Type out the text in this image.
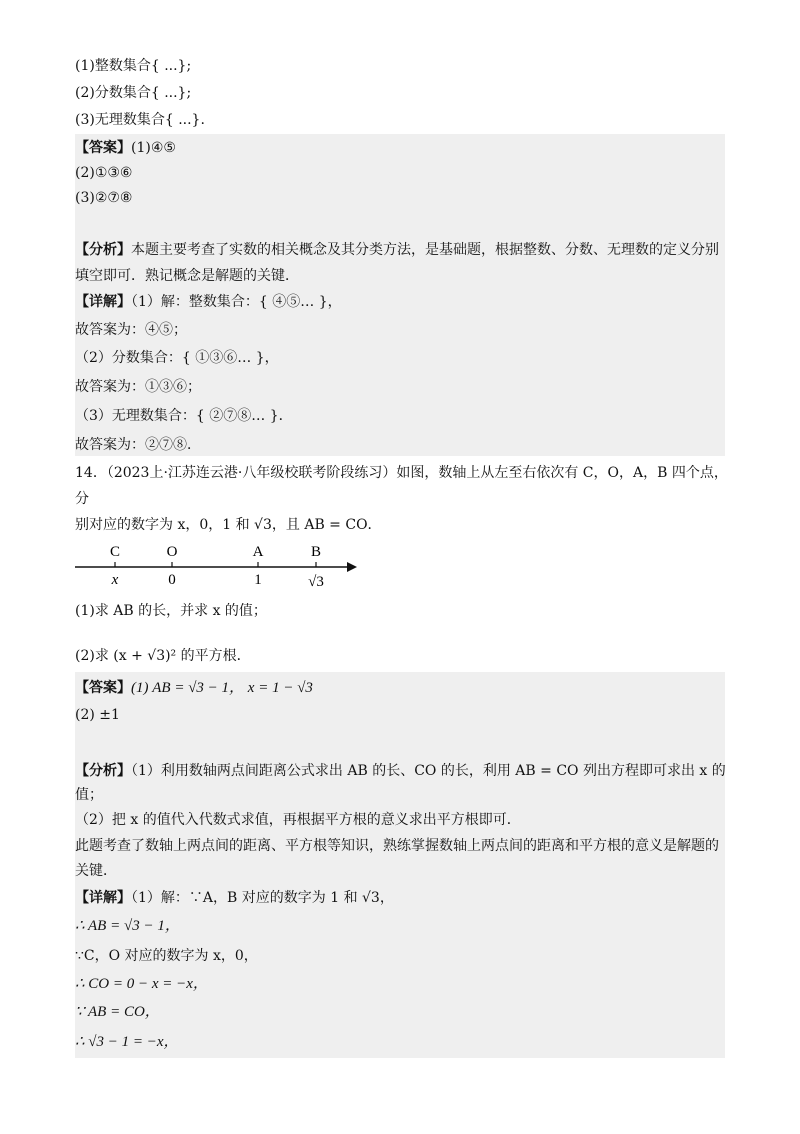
(1)整数集合{ ...};
(2)分数集合{ ...};
(3)无理数集合{ ...}.
【答案】(1)④⑤
(2)①③⑥
(3)②⑦⑧
【分析】本题主要考查了实数的相关概念及其分类方法，是基础题，根据整数、分数、无理数的定义分别
填空即可．熟记概念是解题的关键．
【详解】（1）解：整数集合：{ ④⑤… }，
故答案为：④⑤；
（2）分数集合：{ ①③⑥… }，
故答案为：①③⑥；
（3）无理数集合：{ ②⑦⑧… }．
故答案为：②⑦⑧．
14．（2023上·江苏连云港·八年级校联考阶段练习）如图，数轴上从左至右依次有 C，O，A，B 四个点，
分
别对应的数字为 x，0，1 和 √3，且 AB = CO．
C	O	A	B
x	0	1	√3
(1)求 AB 的长，并求 x 的值；
(2)求 (x + √3)² 的平方根．
【答案】(1) AB = √3 − 1， x = 1 − √3
(2) ±1
【分析】（1）利用数轴两点间距离公式求出 AB 的长、CO 的长，利用 AB = CO 列出方程即可求出 x 的
值；
（2）把 x 的值代入代数式求值，再根据平方根的意义求出平方根即可．
此题考查了数轴上两点间的距离、平方根等知识，熟练掌握数轴上两点间的距离和平方根的意义是解题的
关键．
【详解】（1）解：∵A，B 对应的数字为 1 和 √3，
∴ AB = √3 − 1，
∵C，O 对应的数字为 x，0，
∴ CO = 0 − x = −x，
∵ AB = CO，
∴ √3 − 1 = −x，
